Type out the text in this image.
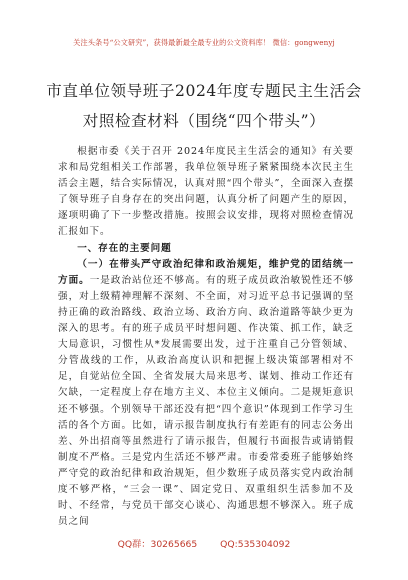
关注头条号“公文研究”，获得最新最全最专业的公文资料库！ 微信：gongwenyj
市直单位领导班子2024年度专题民主生活会对照检查材料（围绕“四个带头”）

根据市委《关于召开 2024年度民主生活会的通知》有关要求和局党组相关工作部署，我单位领导班子紧紧围绕本次民主生活会主题，结合实际情况，认真对照“四个带头”，全面深入查摆了领导班子自身存在的突出问题，认真分析了问题产生的原因，逐项明确了下一步整改措施。按照会议安排，现将对照检查情况汇报如下。

一、存在的主要问题

（一）在带头严守政治纪律和政治规矩，维护党的团结统一方面。一是政治站位还不够高。有的班子成员政治敏锐性还不够强，对上级精神理解不深刻、不全面，对习近平总书记强调的坚持正确的政治路线、政治立场、政治方向、政治道路等缺少更为深入的思考。有的班子成员平时想问题、作决策、抓工作，缺乏大局意识，习惯性从*发展需要出发，过于注重自己分管领域、分管战线的工作，从政治高度认识和把握上级决策部署相对不足，自觉站位全国、全省发展大局来思考、谋划、推动工作还有欠缺，一定程度上存在地方主义、本位主义倾向。二是规矩意识还不够强。个别领导干部还没有把“四个意识”体现到工作学习生活的各个方面。比如，请示报告制度执行有差距有的同志公务出差、外出招商等虽然进行了请示报告，但履行书面报告或请销假制度不严格。三是党内生活还不够严肃。市委常委班子能够始终严守党的政治纪律和政治规矩，但少数班子成员落实党内政治制度不够严格，“三会一课”、固定党日、双重组织生活参加不及时、不经常，与党员干部交心谈心、沟通思想不够深入。班子成员之间

QQ群：30265665 QQ:535304092
